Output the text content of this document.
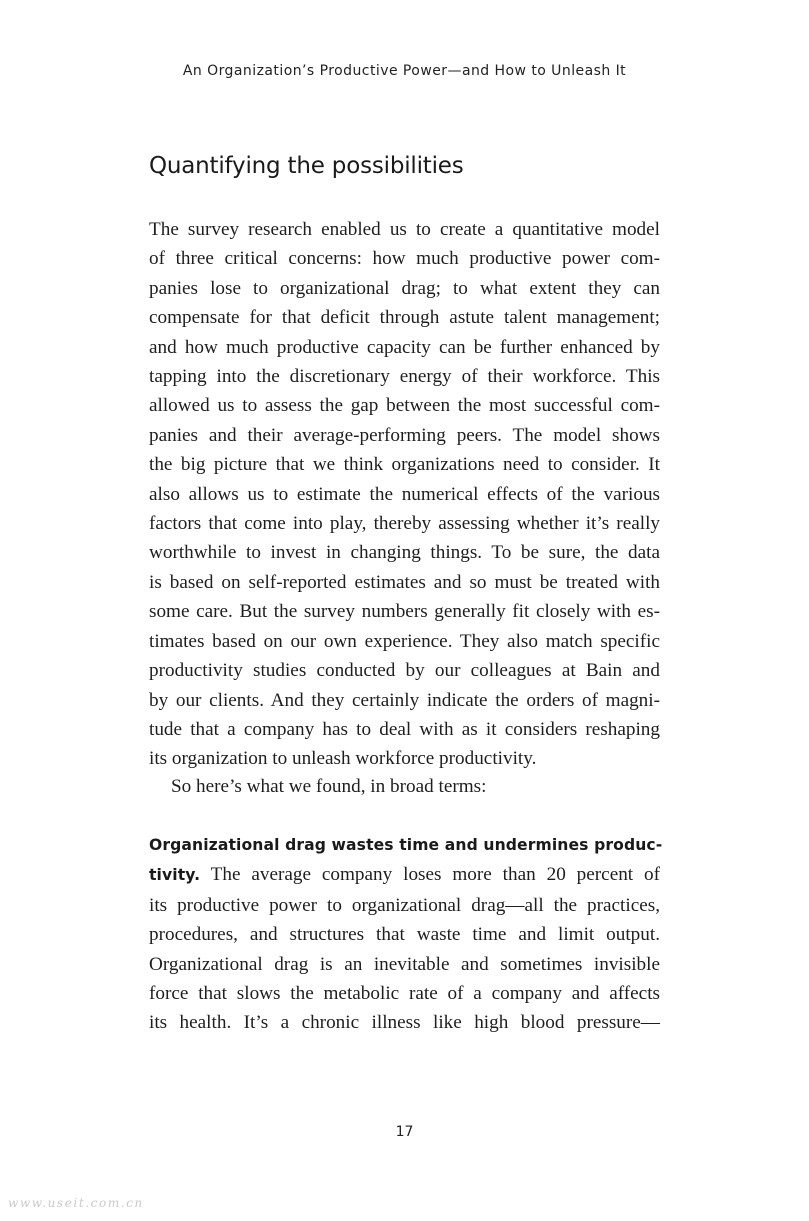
An Organization’s Productive Power—and How to Unleash It
Quantifying the possibilities
The survey research enabled us to create a quantitative model
of three critical concerns: how much productive power com-
panies lose to organizational drag; to what extent they can
compensate for that deficit through astute talent management;
and how much productive capacity can be further enhanced by
tapping into the discretionary energy of their workforce. This
allowed us to assess the gap between the most successful com-
panies and their average-performing peers. The model shows
the big picture that we think organizations need to consider. It
also allows us to estimate the numerical effects of the various
factors that come into play, thereby assessing whether it’s really
worthwhile to invest in changing things. To be sure, the data
is based on self-reported estimates and so must be treated with
some care. But the survey numbers generally fit closely with es-
timates based on our own experience. They also match specific
productivity studies conducted by our colleagues at Bain and
by our clients. And they certainly indicate the orders of magni-
tude that a company has to deal with as it considers reshaping
its organization to unleash workforce productivity.
So here’s what we found, in broad terms:
Organizational drag wastes time and undermines produc-
tivity. The average company loses more than 20 percent of
its productive power to organizational drag—all the practices,
procedures, and structures that waste time and limit output.
Organizational drag is an inevitable and sometimes invisible
force that slows the metabolic rate of a company and affects
its health. It’s a chronic illness like high blood pressure—
17
www.useit.com.cn
